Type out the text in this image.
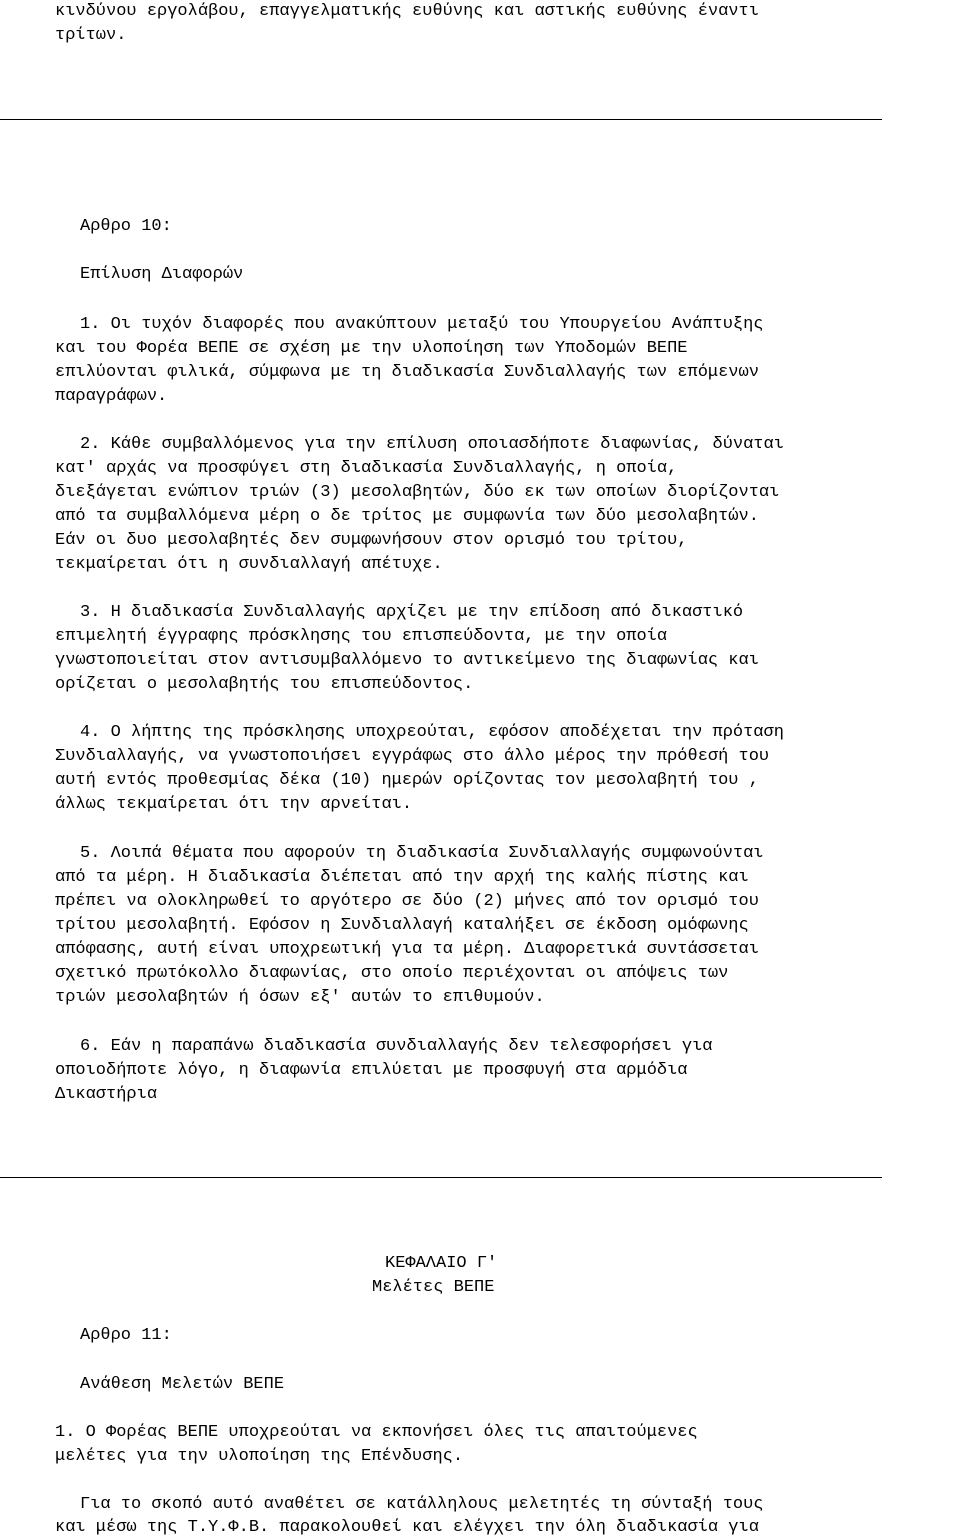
κινδύνου εργολάβου, επαγγελματικής ευθύνης και αστικής ευθύνης έναντι
τρίτων.
Αρθρο 10:
Επίλυση Διαφορών
1. Οι τυχόν διαφορές που ανακύπτουν μεταξύ του Υπουργείου Ανάπτυξης
και του Φορέα ΒΕΠΕ σε σχέση με την υλοποίηση των Υποδομών ΒΕΠΕ
επιλύονται φιλικά, σύμφωνα με τη διαδικασία Συνδιαλλαγής των επόμενων
παραγράφων.
2. Κάθε συμβαλλόμενος για την επίλυση οποιασδήποτε διαφωνίας, δύναται
κατ' αρχάς να προσφύγει στη διαδικασία Συνδιαλλαγής, η οποία,
διεξάγεται ενώπιον τριών (3) μεσολαβητών, δύο εκ των οποίων διορίζονται
από τα συμβαλλόμενα μέρη ο δε τρίτος με συμφωνία των δύο μεσολαβητών.
Εάν οι δυο μεσολαβητές δεν συμφωνήσουν στον ορισμό του τρίτου,
τεκμαίρεται ότι η συνδιαλλαγή απέτυχε.
3. Η διαδικασία Συνδιαλλαγής αρχίζει με την επίδοση από δικαστικό
επιμελητή έγγραφης πρόσκλησης του επισπεύδοντα, με την οποία
γνωστοποιείται στον αντισυμβαλλόμενο το αντικείμενο της διαφωνίας και
ορίζεται ο μεσολαβητής του επισπεύδοντος.
4. Ο λήπτης της πρόσκλησης υποχρεούται, εφόσον αποδέχεται την πρόταση
Συνδιαλλαγής, να γνωστοποιήσει εγγράφως στο άλλο μέρος την πρόθεσή του
αυτή εντός προθεσμίας δέκα (10) ημερών ορίζοντας τον μεσολαβητή του ,
άλλως τεκμαίρεται ότι την αρνείται.
5. Λοιπά θέματα που αφορούν τη διαδικασία Συνδιαλλαγής συμφωνούνται
από τα μέρη. Η διαδικασία διέπεται από την αρχή της καλής πίστης και
πρέπει να ολοκληρωθεί το αργότερο σε δύο (2) μήνες από τον ορισμό του
τρίτου μεσολαβητή. Εφόσον η Συνδιαλλαγή καταλήξει σε έκδοση ομόφωνης
απόφασης, αυτή είναι υποχρεωτική για τα μέρη. Διαφορετικά συντάσσεται
σχετικό πρωτόκολλο διαφωνίας, στο οποίο περιέχονται οι απόψεις των
τριών μεσολαβητών ή όσων εξ' αυτών το επιθυμούν.
6. Εάν η παραπάνω διαδικασία συνδιαλλαγής δεν τελεσφορήσει για
οποιοδήποτε λόγο, η διαφωνία επιλύεται με προσφυγή στα αρμόδια
Δικαστήρια
ΚΕΦΑΛΑΙΟ Γ'
Μελέτες ΒΕΠΕ
Αρθρο 11:
Ανάθεση Μελετών ΒΕΠΕ
1. Ο Φορέας ΒΕΠΕ υποχρεούται να εκπονήσει όλες τις απαιτούμενες
μελέτες για την υλοποίηση της Επένδυσης.
Για το σκοπό αυτό αναθέτει σε κατάλληλους μελετητές τη σύνταξή τους
και μέσω της Τ.Υ.Φ.Β. παρακολουθεί και ελέγχει την όλη διαδικασία για
